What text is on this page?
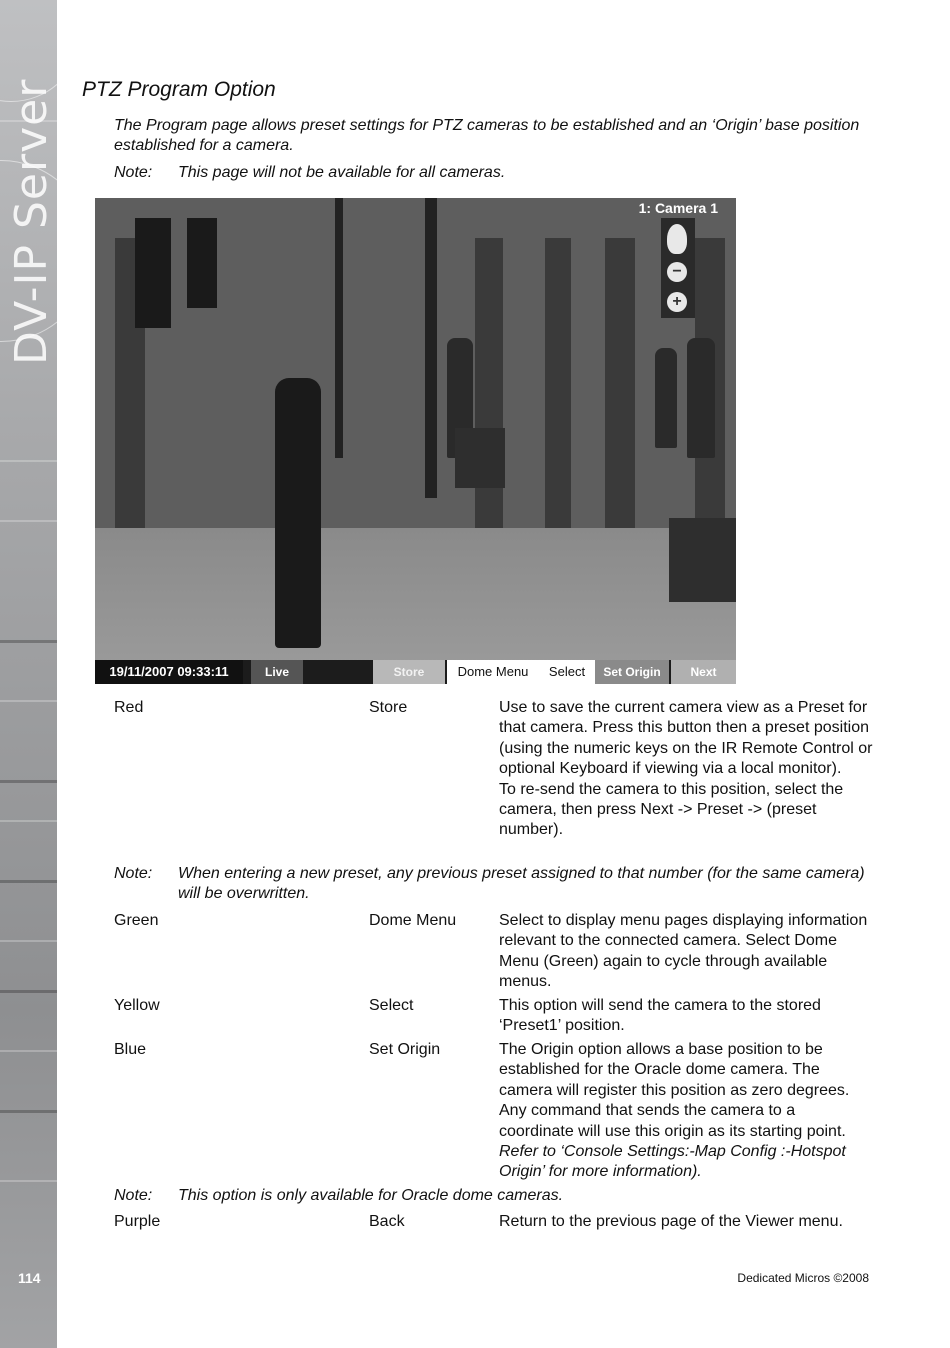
DV-IP Server
114
PTZ Program Option
The Program page allows preset settings for PTZ cameras to be established and an ‘Origin’ base position established for a camera.
Note: This page will not be available for all cameras.
1: Camera 1
−
+
19/11/2007 09:33:11	Live	Store	Dome Menu	Select	Set Origin	Next
Red	Store	Use to save the current camera view as a Preset for that camera. Press this button then a preset position (using the numeric keys on the IR Remote Control or optional Keyboard if viewing via a local monitor).
To re-send the camera to this position, select the camera, then press Next -> Preset -> (preset number).
Note: When entering a new preset, any previous preset assigned to that number (for the same camera) will be overwritten.
Green	Dome Menu	Select to display menu pages displaying information relevant to the connected camera. Select Dome Menu (Green) again to cycle through available menus.
Yellow	Select	This option will send the camera to the stored ‘Preset1’ position.
Blue	Set Origin	The Origin option allows a base position to be established for the Oracle dome camera. The camera will register this position as zero degrees. Any command that sends the camera to a coordinate will use this origin as its starting point. Refer to ‘Console Settings:-Map Config :-Hotspot Origin’ for more information).
Note: This option is only available for Oracle dome cameras.
Purple	Back	Return to the previous page of the Viewer menu.
Dedicated Micros ©2008
